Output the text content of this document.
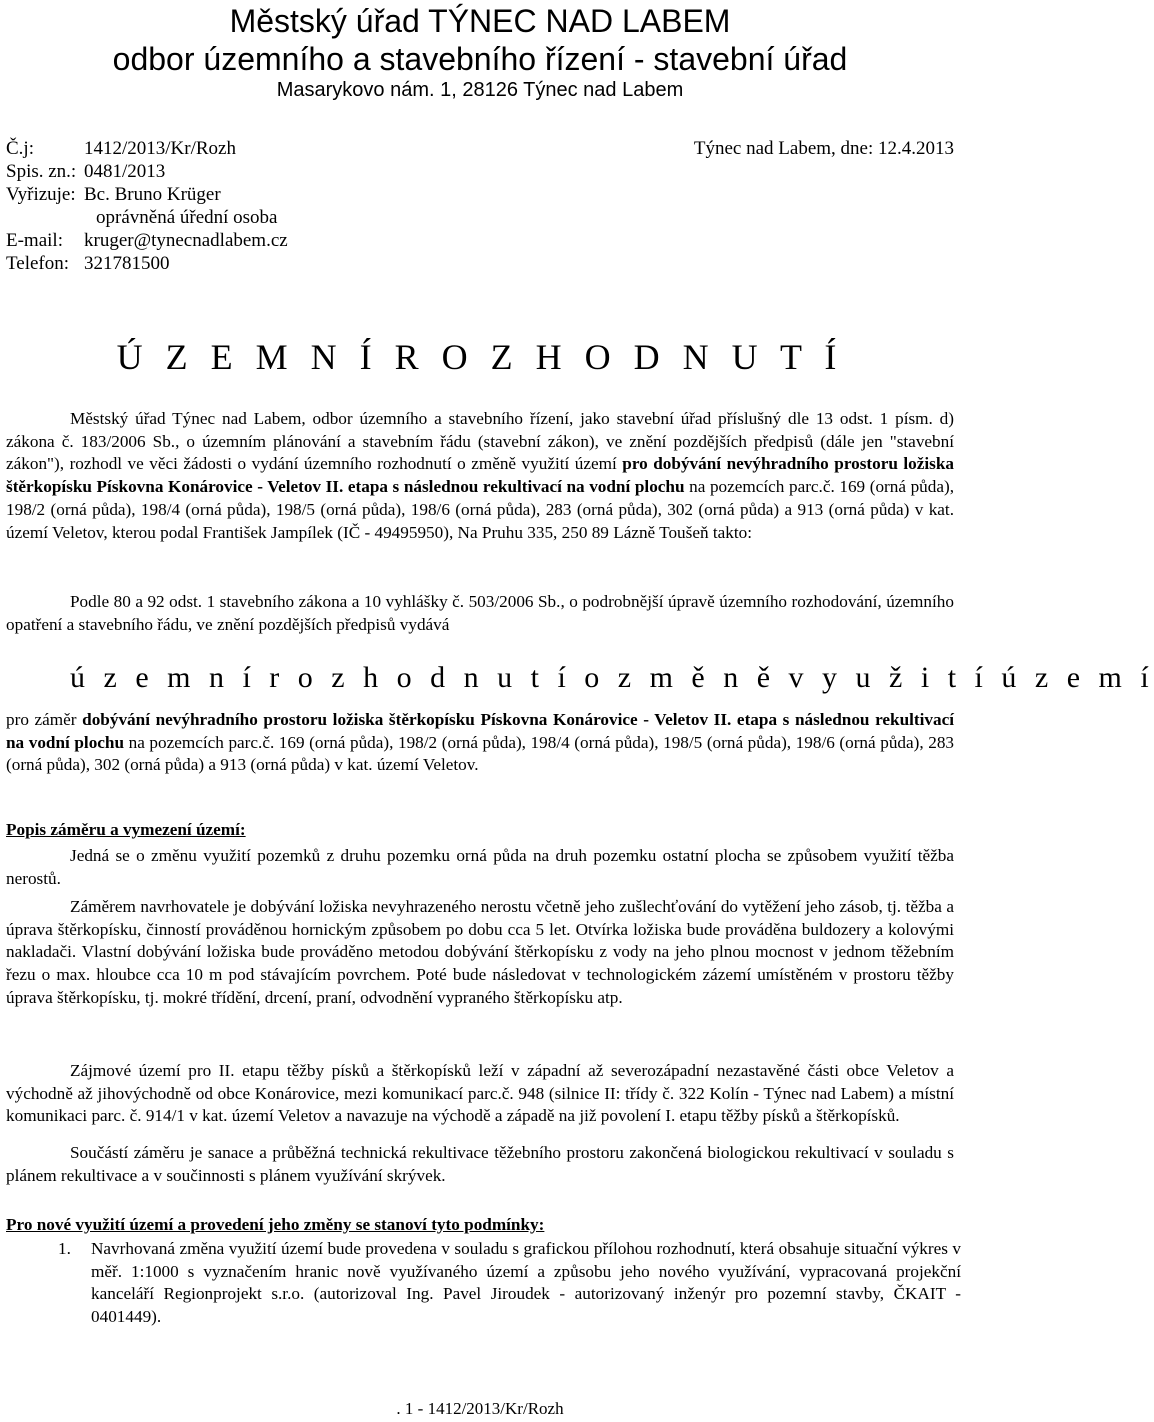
Městský úřad TÝNEC NAD LABEM
odbor územního a stavebního řízení - stavební úřad
Masarykovo nám. 1, 28126 Týnec nad Labem
Č.j:	1412/2013/Kr/Rozh
Spis. zn.: 0481/2013
Vyřizuje: Bc. Bruno Krüger
oprávněná úřední osoba
E-mail: kruger@tynecnadlabem.cz
Telefon: 321781500
Týnec nad Labem, dne: 12.4.2013
Ú Z E M N Í R O Z H O D N U T Í
Městský úřad Týnec nad Labem, odbor územního a stavebního řízení, jako stavební úřad příslušný dle 13 odst. 1 písm. d) zákona č. 183/2006 Sb., o územním plánování a stavebním řádu (stavební zákon), ve znění pozdějších předpisů (dále jen "stavební zákon"), rozhodl ve věci žádosti o vydání územního rozhodnutí o změně využití území pro dobývání nevýhradního prostoru ložiska štěrkopísku Pískovna Konárovice - Veletov II. etapa s následnou rekultivací na vodní plochu na pozemcích parc.č. 169 (orná půda), 198/2 (orná půda), 198/4 (orná půda), 198/5 (orná půda), 198/6 (orná půda), 283 (orná půda), 302 (orná půda) a 913 (orná půda) v kat. území Veletov, kterou podal František Jampílek (IČ - 49495950), Na Pruhu 335, 250 89 Lázně Toušeň takto:
Podle 80 a 92 odst. 1 stavebního zákona a 10 vyhlášky č. 503/2006 Sb., o podrobnější úpravě územního rozhodování, územního opatření a stavebního řádu, ve znění pozdějších předpisů vydává
ú z e m n í r o z h o d n u t í o z m ě n ě v y u ž i t í ú z e m í
pro záměr dobývání nevýhradního prostoru ložiska štěrkopísku Pískovna Konárovice - Veletov II. etapa s následnou rekultivací na vodní plochu na pozemcích parc.č. 169 (orná půda), 198/2 (orná půda), 198/4 (orná půda), 198/5 (orná půda), 198/6 (orná půda), 283 (orná půda), 302 (orná půda) a 913 (orná půda) v kat. území Veletov.
Popis záměru a vymezení území:
Jedná se o změnu využití pozemků z druhu pozemku orná půda na druh pozemku ostatní plocha se způsobem využití těžba nerostů.
Záměrem navrhovatele je dobývání ložiska nevyhrazeného nerostu včetně jeho zušlechťování do vytěžení jeho zásob, tj. těžba a úprava štěrkopísku, činností prováděnou hornickým způsobem po dobu cca 5 let. Otvírka ložiska bude prováděna buldozery a kolovými nakladači. Vlastní dobývání ložiska bude prováděno metodou dobývání štěrkopísku z vody na jeho plnou mocnost v jednom těžebním řezu o max. hloubce cca 10 m pod stávajícím povrchem. Poté bude následovat v technologickém zázemí umístěném v prostoru těžby úprava štěrkopísku, tj. mokré třídění, drcení, praní, odvodnění vypraného štěrkopísku atp.
Zájmové území pro II. etapu těžby písků a štěrkopísků leží v západní až severozápadní nezastavěné části obce Veletov a východně až jihovýchodně od obce Konárovice, mezi komunikací parc.č. 948 (silnice II: třídy č. 322 Kolín - Týnec nad Labem) a místní komunikaci parc. č. 914/1 v kat. území Veletov a navazuje na východě a západě na již povolení I. etapu těžby písků a štěrkopísků.
Součástí záměru je sanace a průběžná technická rekultivace těžebního prostoru zakončená biologickou rekultivací v souladu s plánem rekultivace a v součinnosti s plánem využívání skrývek.
Pro nové využití území a provedení jeho změny se stanoví tyto podmínky:
1. Navrhovaná změna využití území bude provedena v souladu s grafickou přílohou rozhodnutí, která obsahuje situační výkres v měř. 1:1000 s vyznačením hranic nově využívaného území a způsobu jeho nového využívání, vypracovaná projekční kanceláří Regionprojekt s.r.o. (autorizoval Ing. Pavel Jiroudek - autorizovaný inženýr pro pozemní stavby, ČKAIT - 0401449).
. 1 - 1412/2013/Kr/Rozh
